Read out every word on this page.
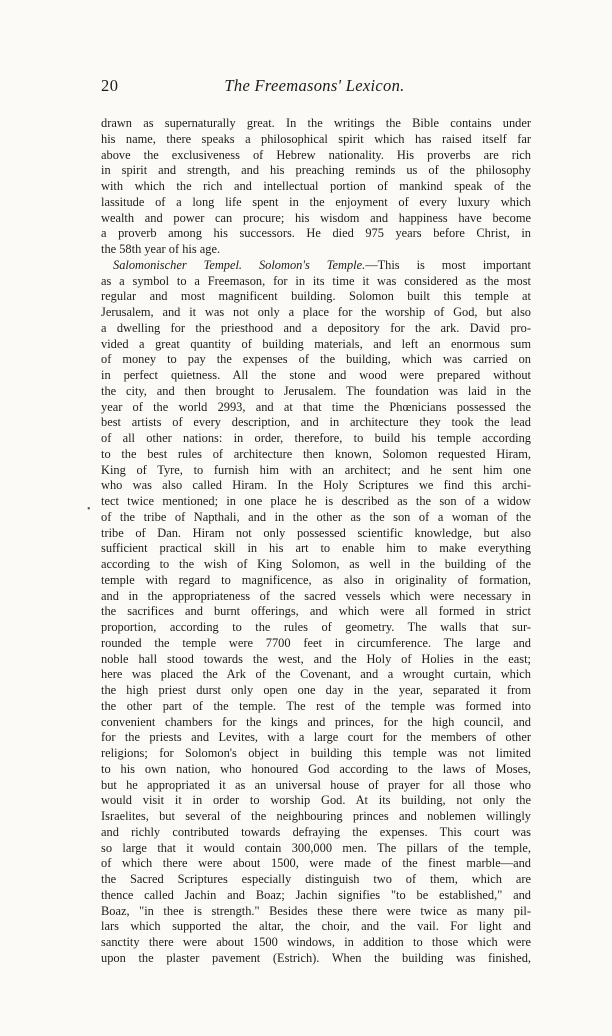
20	The Freemasons' Lexicon.
•
drawn as supernaturally great. In the writings the Bible contains under
his name, there speaks a philosophical spirit which has raised itself far
above the exclusiveness of Hebrew nationality. His proverbs are rich
in spirit and strength, and his preaching reminds us of the philosophy
with which the rich and intellectual portion of mankind speak of the
lassitude of a long life spent in the enjoyment of every luxury which
wealth and power can procure; his wisdom and happiness have become
a proverb among his successors. He died 975 years before Christ, in
the 58th year of his age.
Salomonischer Tempel. Solomon's Temple.—This is most important
as a symbol to a Freemason, for in its time it was considered as the most
regular and most magnificent building. Solomon built this temple at
Jerusalem, and it was not only a place for the worship of God, but also
a dwelling for the priesthood and a depository for the ark. David pro-
vided a great quantity of building materials, and left an enormous sum
of money to pay the expenses of the building, which was carried on
in perfect quietness. All the stone and wood were prepared without
the city, and then brought to Jerusalem. The foundation was laid in the
year of the world 2993, and at that time the Phœnicians possessed the
best artists of every description, and in architecture they took the lead
of all other nations: in order, therefore, to build his temple according
to the best rules of architecture then known, Solomon requested Hiram,
King of Tyre, to furnish him with an architect; and he sent him one
who was also called Hiram. In the Holy Scriptures we find this archi-
tect twice mentioned; in one place he is described as the son of a widow
of the tribe of Napthali, and in the other as the son of a woman of the
tribe of Dan. Hiram not only possessed scientific knowledge, but also
sufficient practical skill in his art to enable him to make everything
according to the wish of King Solomon, as well in the building of the
temple with regard to magnificence, as also in originality of formation,
and in the appropriateness of the sacred vessels which were necessary in
the sacrifices and burnt offerings, and which were all formed in strict
proportion, according to the rules of geometry. The walls that sur-
rounded the temple were 7700 feet in circumference. The large and
noble hall stood towards the west, and the Holy of Holies in the east;
here was placed the Ark of the Covenant, and a wrought curtain, which
the high priest durst only open one day in the year, separated it from
the other part of the temple. The rest of the temple was formed into
convenient chambers for the kings and princes, for the high council, and
for the priests and Levites, with a large court for the members of other
religions; for Solomon's object in building this temple was not limited
to his own nation, who honoured God according to the laws of Moses,
but he appropriated it as an universal house of prayer for all those who
would visit it in order to worship God. At its building, not only the
Israelites, but several of the neighbouring princes and noblemen willingly
and richly contributed towards defraying the expenses. This court was
so large that it would contain 300,000 men. The pillars of the temple,
of which there were about 1500, were made of the finest marble—and
the Sacred Scriptures especially distinguish two of them, which are
thence called Jachin and Boaz; Jachin signifies "to be established," and
Boaz, "in thee is strength." Besides these there were twice as many pil-
lars which supported the altar, the choir, and the vail. For light and
sanctity there were about 1500 windows, in addition to those which were
upon the plaster pavement (Estrich). When the building was finished,
